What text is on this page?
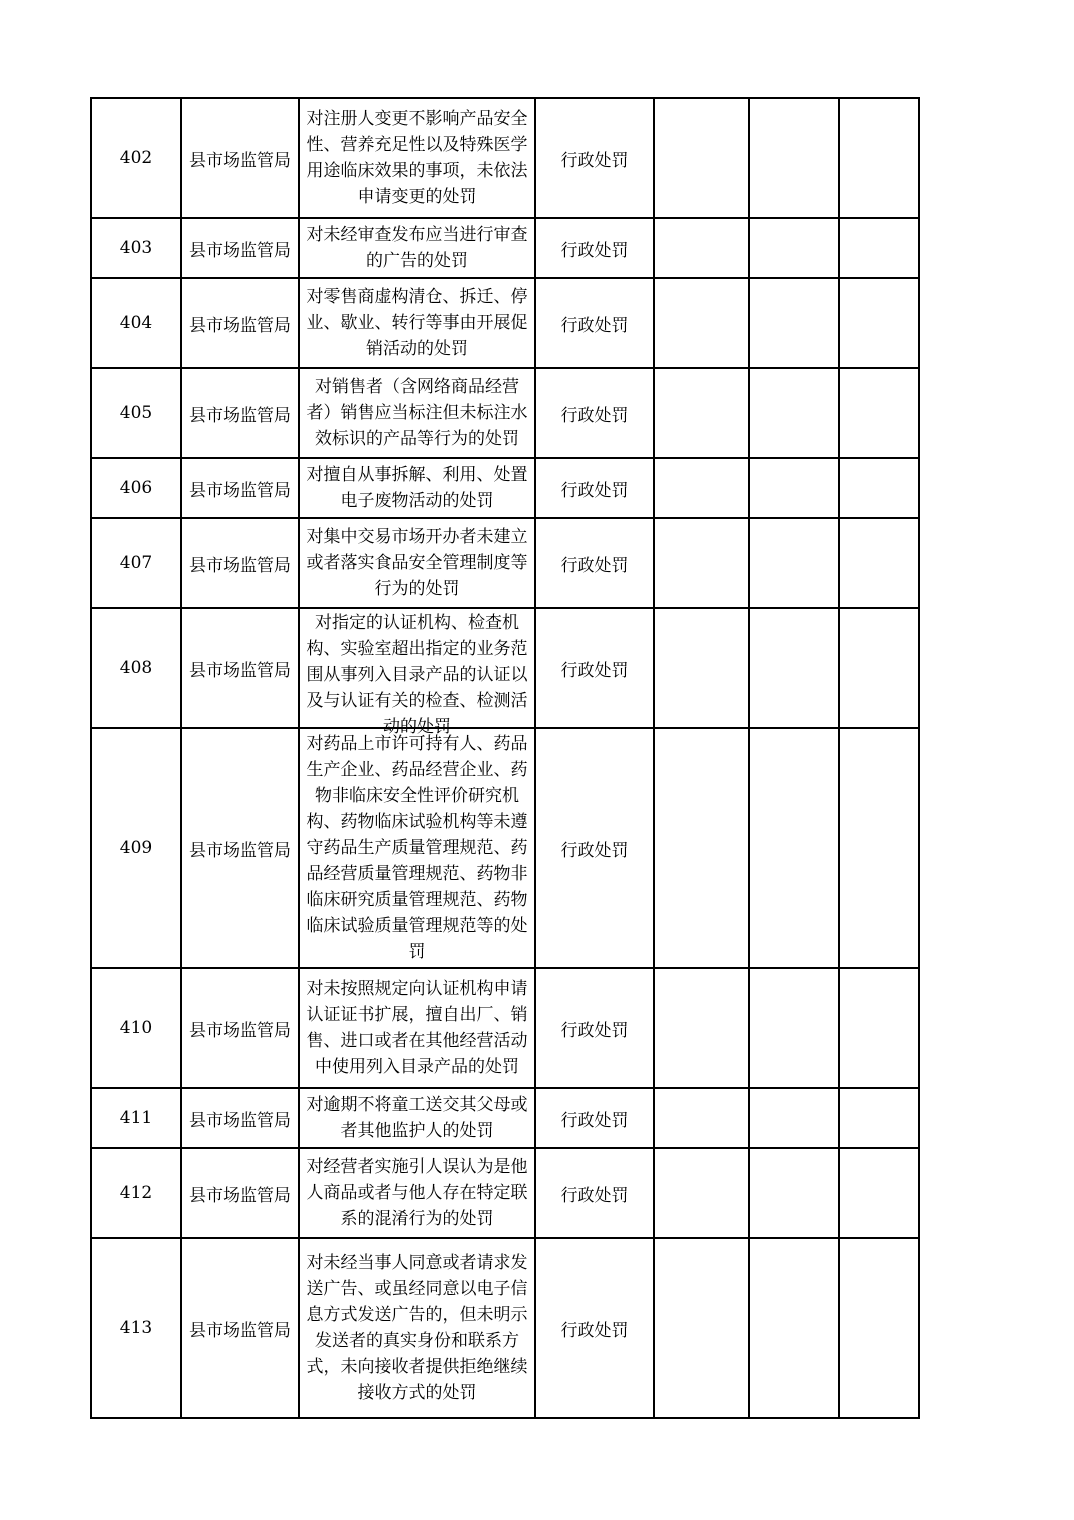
402	县市场监管局	对注册人变更不影响产品安全性、营养充足性以及特殊医学用途临床效果的事项，未依法申请变更的处罚	行政处罚			
403	县市场监管局	对未经审查发布应当进行审查的广告的处罚	行政处罚			
404	县市场监管局	对零售商虚构清仓、拆迁、停业、歇业、转行等事由开展促销活动的处罚	行政处罚			
405	县市场监管局	对销售者（含网络商品经营者）销售应当标注但未标注水效标识的产品等行为的处罚	行政处罚			
406	县市场监管局	对擅自从事拆解、利用、处置电子废物活动的处罚	行政处罚			
407	县市场监管局	对集中交易市场开办者未建立或者落实食品安全管理制度等行为的处罚	行政处罚			
408	县市场监管局	对指定的认证机构、检查机构、实验室超出指定的业务范围从事列入目录产品的认证以及与认证有关的检查、检测活动的处罚	行政处罚			
409	县市场监管局	对药品上市许可持有人、药品生产企业、药品经营企业、药物非临床安全性评价研究机构、药物临床试验机构等未遵守药品生产质量管理规范、药品经营质量管理规范、药物非临床研究质量管理规范、药物临床试验质量管理规范等的处罚	行政处罚			
410	县市场监管局	对未按照规定向认证机构申请认证证书扩展，擅自出厂、销售、进口或者在其他经营活动中使用列入目录产品的处罚	行政处罚			
411	县市场监管局	对逾期不将童工送交其父母或者其他监护人的处罚	行政处罚			
412	县市场监管局	对经营者实施引人误认为是他人商品或者与他人存在特定联系的混淆行为的处罚	行政处罚			
413	县市场监管局	对未经当事人同意或者请求发送广告、或虽经同意以电子信息方式发送广告的，但未明示发送者的真实身份和联系方式，未向接收者提供拒绝继续接收方式的处罚	行政处罚			
